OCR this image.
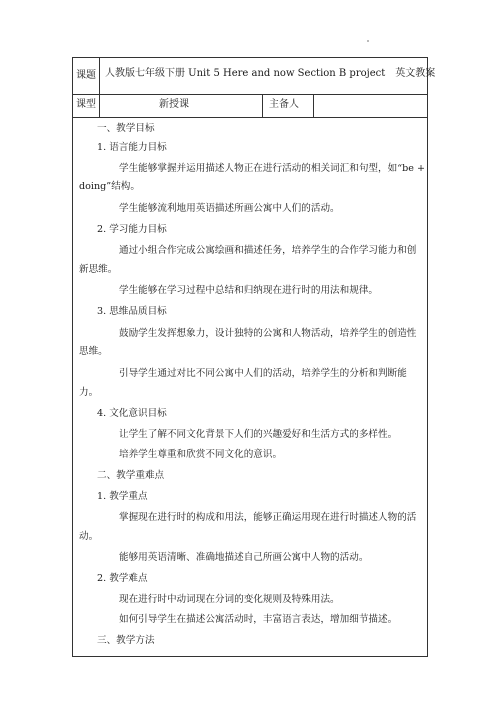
课题 人教版七年级下册 Unit 5 Here and now Section B project　英文教案
课型	新授课	主备人
一、教学目标
1. 语言能力目标
学生能够掌握并运用描述人物正在进行活动的相关词汇和句型，如“be +
doing”结构。
学生能够流利地用英语描述所画公寓中人们的活动。
2. 学习能力目标
通过小组合作完成公寓绘画和描述任务，培养学生的合作学习能力和创
新思维。
学生能够在学习过程中总结和归纳现在进行时的用法和规律。
3. 思维品质目标
鼓励学生发挥想象力，设计独特的公寓和人物活动，培养学生的创造性
思维。
引导学生通过对比不同公寓中人们的活动，培养学生的分析和判断能
力。
4. 文化意识目标
让学生了解不同文化背景下人们的兴趣爱好和生活方式的多样性。
培养学生尊重和欣赏不同文化的意识。
二、教学重难点
1. 教学重点
掌握现在进行时的构成和用法，能够正确运用现在进行时描述人物的活
动。
能够用英语清晰、准确地描述自己所画公寓中人物的活动。
2. 教学难点
现在进行时中动词现在分词的变化规则及特殊用法。
如何引导学生在描述公寓活动时，丰富语言表达，增加细节描述。
三、教学方法
